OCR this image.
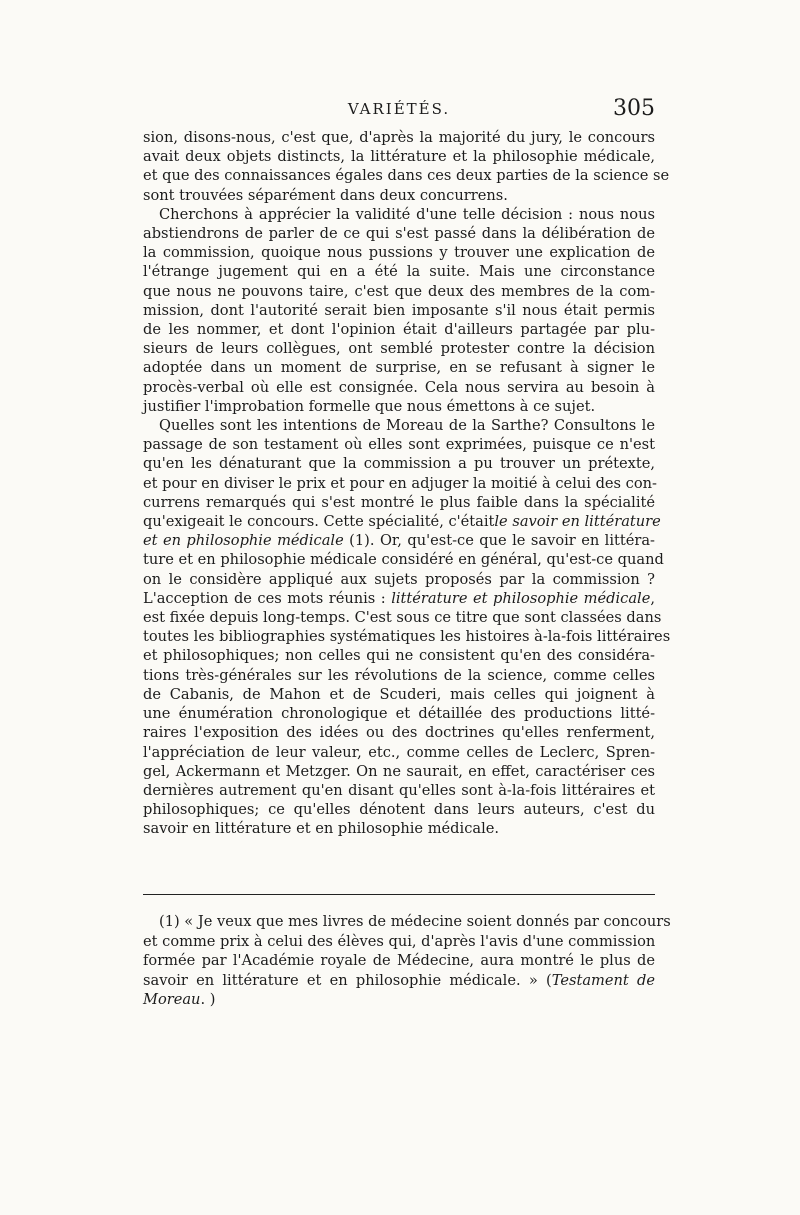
VARIÉTÉS.	305
sion, disons-nous, c'est que, d'après la majorité du jury, le concours
avait deux objets distincts, la littérature et la philosophie médicale,
et que des connaissances égales dans ces deux parties de la science se
sont trouvées séparément dans deux concurrens.
Cherchons à apprécier la validité d'une telle décision : nous nous
abstiendrons de parler de ce qui s'est passé dans la délibération de
la commission, quoique nous pussions y trouver une explication de
l'étrange jugement qui en a été la suite. Mais une circonstance
que nous ne pouvons taire, c'est que deux des membres de la com-
mission, dont l'autorité serait bien imposante s'il nous était permis
de les nommer, et dont l'opinion était d'ailleurs partagée par plu-
sieurs de leurs collègues, ont semblé protester contre la décision
adoptée dans un moment de surprise, en se refusant à signer le
procès-verbal où elle est consignée. Cela nous servira au besoin à
justifier l'improbation formelle que nous émettons à ce sujet.
Quelles sont les intentions de Moreau de la Sarthe? Consultons le
passage de son testament où elles sont exprimées, puisque ce n'est
qu'en les dénaturant que la commission a pu trouver un prétexte,
et pour en diviser le prix et pour en adjuger la moitié à celui des con-
currens remarqués qui s'est montré le plus faible dans la spécialité
qu'exigeait le concours. Cette spécialité, c'étaitle savoir en littérature
et en philosophie médicale (1). Or, qu'est-ce que le savoir en littéra-
ture et en philosophie médicale considéré en général, qu'est-ce quand
on le considère appliqué aux sujets proposés par la commission ?
L'acception de ces mots réunis : littérature et philosophie médicale,
est fixée depuis long-temps. C'est sous ce titre que sont classées dans
toutes les bibliographies systématiques les histoires à-la-fois littéraires
et philosophiques; non celles qui ne consistent qu'en des considéra-
tions très-générales sur les révolutions de la science, comme celles
de Cabanis, de Mahon et de Scuderi, mais celles qui joignent à
une énumération chronologique et détaillée des productions litté-
raires l'exposition des idées ou des doctrines qu'elles renferment,
l'appréciation de leur valeur, etc., comme celles de Leclerc, Spren-
gel, Ackermann et Metzger. On ne saurait, en effet, caractériser ces
dernières autrement qu'en disant qu'elles sont à-la-fois littéraires et
philosophiques; ce qu'elles dénotent dans leurs auteurs, c'est du
savoir en littérature et en philosophie médicale.
(1) « Je veux que mes livres de médecine soient donnés par concours
et comme prix à celui des élèves qui, d'après l'avis d'une commission
formée par l'Académie royale de Médecine, aura montré le plus de
savoir en littérature et en philosophie médicale. » (Testament de
Moreau. )
